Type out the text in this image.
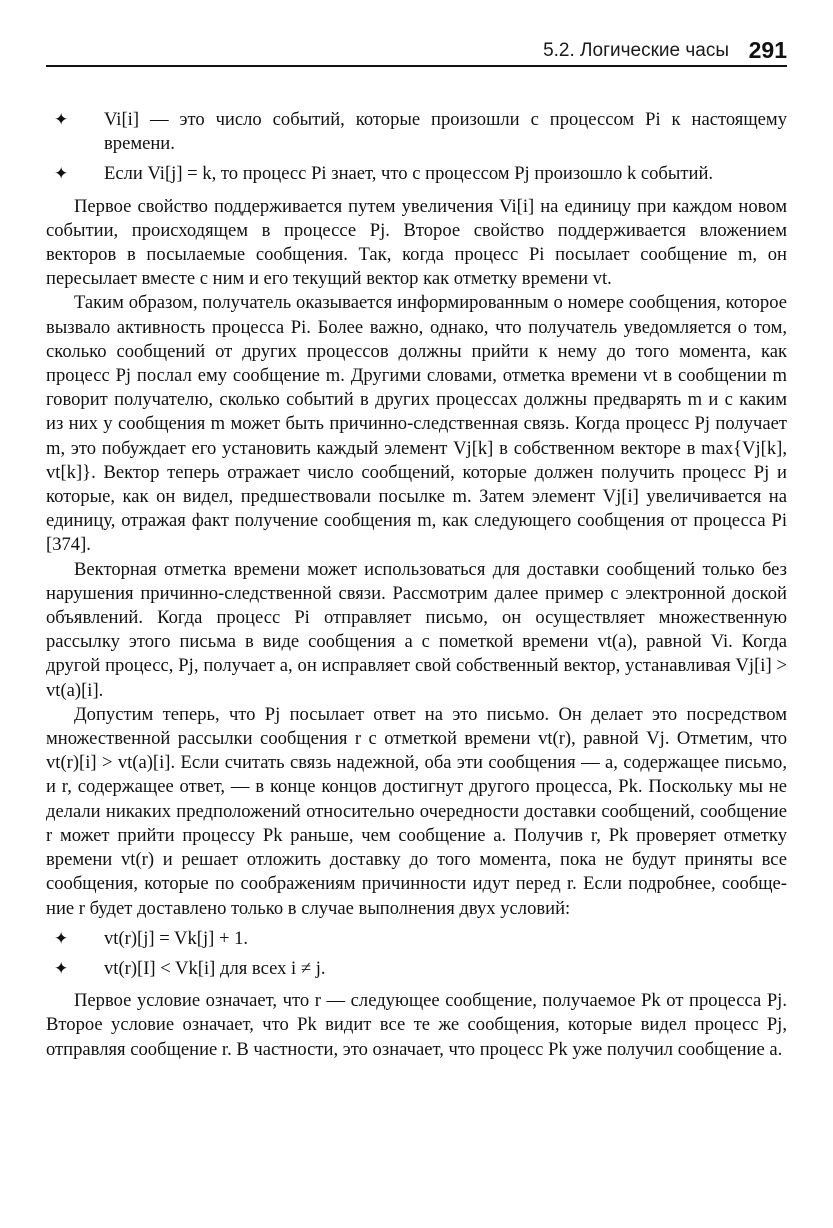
5.2. Логические часы 291
✦ Vi[i] — это число событий, которые произошли с процессом Pi к настоящему времени.
✦ Если Vi[j] = k, то процесс Pi знает, что с процессом Pj произошло k событий.

Первое свойство поддерживается путем увеличения Vi[i] на единицу при каждом новом событии, происходящем в процессе Pj. Второе свойство поддерживается вложением векторов в посылаемые сообщения. Так, когда процесс Pi посылает сообщение m, он пересылает вместе с ним и его текущий вектор как отметку времени vt.

Таким образом, получатель оказывается информированным о номере сообщения, которое вызвало активность процесса Pi. Более важно, однако, что получатель уведомляется о том, сколько сообщений от других процессов должны прийти к нему до того момента, как процесс Pj послал ему сообщение m. Другими словами, отметка времени vt в сообщении m говорит получателю, сколько событий в других процессах должны предварять m и с каким из них у сообщения m может быть причинно-следственная связь. Когда процесс Pj получает m, это побуждает его установить каждый элемент Vj[k] в собственном векторе в max{Vj[k], vt[k]}. Вектор теперь отражает число сообщений, которые должен получить процесс Pj и которые, как он видел, предшествовали посылке m. Затем элемент Vj[i] увеличивается на единицу, отражая факт получение сообщения m, как следующего сообщения от процесса Pi [374].

Векторная отметка времени может использоваться для доставки сообщений только без нарушения причинно-следственной связи. Рассмотрим далее пример с электронной доской объявлений. Когда процесс Pi отправляет письмо, он осуществляет множественную рассылку этого письма в виде сообщения a с пометкой времени vt(a), равной Vi. Когда другой процесс, Pj, получает a, он исправляет свой собственный вектор, устанавливая Vj[i] > vt(a)[i].

Допустим теперь, что Pj посылает ответ на это письмо. Он делает это посредством множественной рассылки сообщения r с отметкой времени vt(r), равной Vj. Отметим, что vt(r)[i] > vt(a)[i]. Если считать связь надежной, оба эти сообщения — a, содержащее письмо, и r, содержащее ответ, — в конце концов достигнут другого процесса, Pk. Поскольку мы не делали никаких предположений относительно очередности доставки сообщений, сообщение r может прийти процессу Pk раньше, чем сообщение a. Получив r, Pk проверяет отметку времени vt(r) и решает отложить доставку до того момента, пока не будут приняты все сообщения, которые по соображениям причинности идут перед r. Если подробнее, сообщение r будет доставлено только в случае выполнения двух условий:

✦ vt(r)[j] = Vk[j] + 1.
✦ vt(r)[I] < Vk[i] для всех i ≠ j.

Первое условие означает, что r — следующее сообщение, получаемое Pk от процесса Pj. Второе условие означает, что Pk видит все те же сообщения, которые видел процесс Pj, отправляя сообщение r. В частности, это означает, что процесс Pk уже получил сообщение a.
